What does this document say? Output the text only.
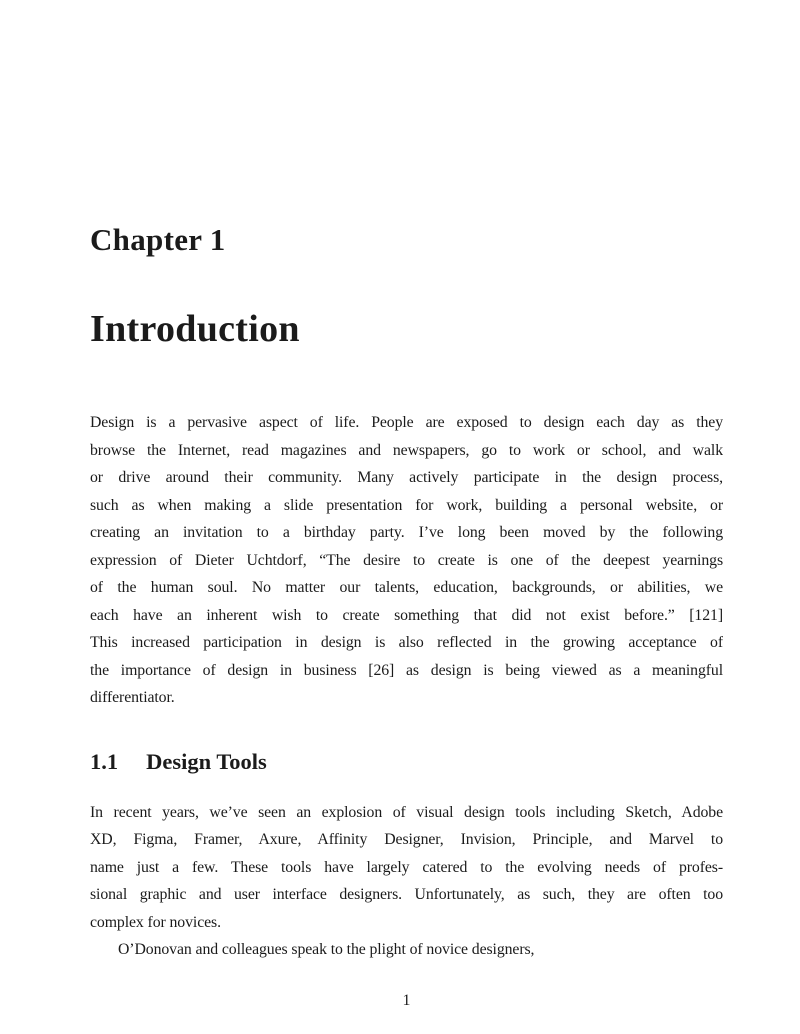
Chapter 1
Introduction
Design is a pervasive aspect of life. People are exposed to design each day as they
browse the Internet, read magazines and newspapers, go to work or school, and walk
or drive around their community. Many actively participate in the design process,
such as when making a slide presentation for work, building a personal website, or
creating an invitation to a birthday party. I’ve long been moved by the following
expression of Dieter Uchtdorf, “The desire to create is one of the deepest yearnings
of the human soul. No matter our talents, education, backgrounds, or abilities, we
each have an inherent wish to create something that did not exist before.” [121]
This increased participation in design is also reflected in the growing acceptance of
the importance of design in business [26] as design is being viewed as a meaningful
differentiator.
1.1 Design Tools
In recent years, we’ve seen an explosion of visual design tools including Sketch, Adobe
XD, Figma, Framer, Axure, Affinity Designer, Invision, Principle, and Marvel to
name just a few. These tools have largely catered to the evolving needs of profes-
sional graphic and user interface designers. Unfortunately, as such, they are often too
complex for novices.
O’Donovan and colleagues speak to the plight of novice designers,
1
